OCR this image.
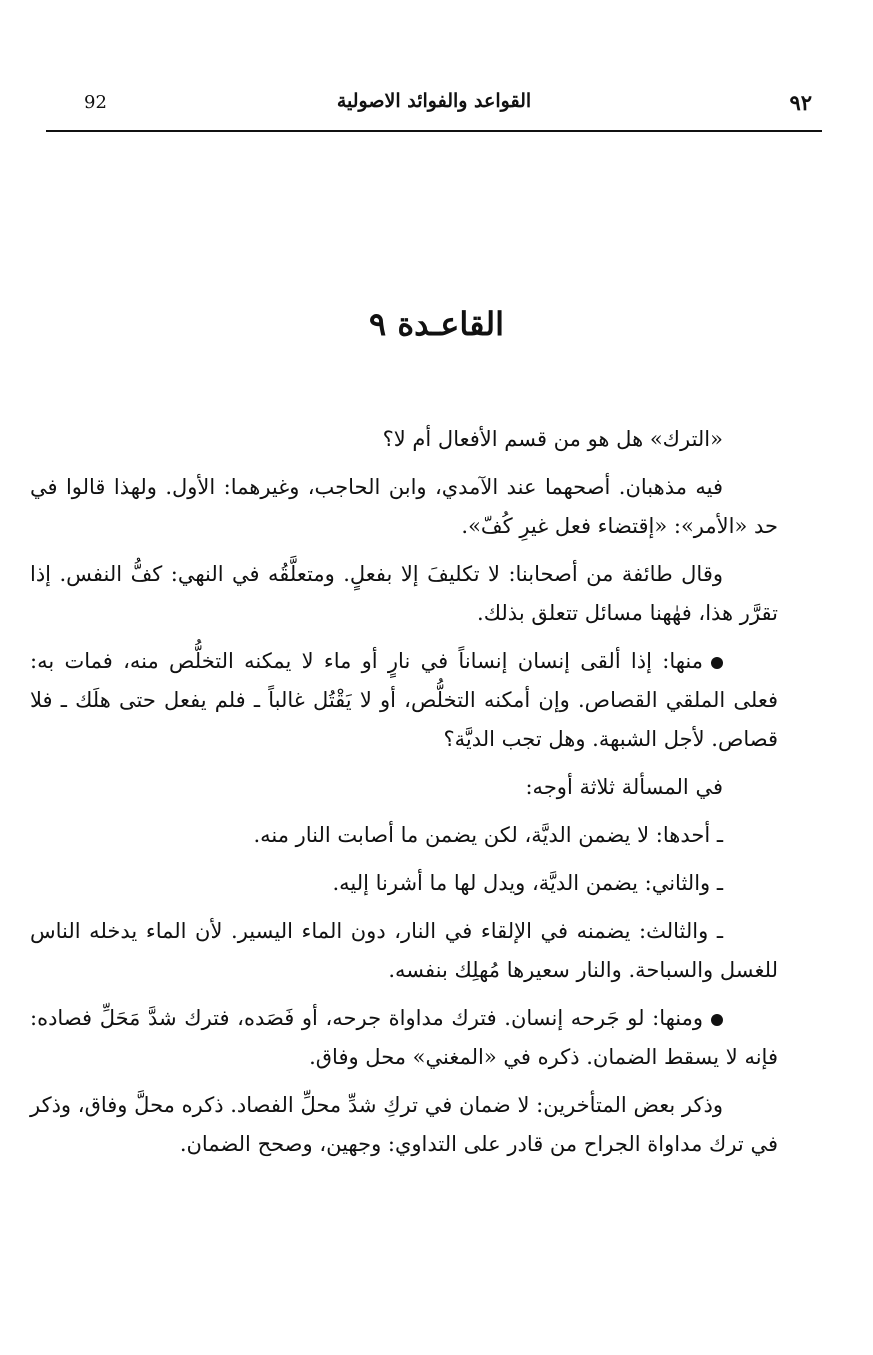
92	القواعد والفوائد الاصولية	٩٢
القاعـدة ٩

«الترك» هل هو من قسم الأفعال أم لا؟

فيه مذهبان. أصحهما عند الآمدي، وابن الحاجب، وغيرهما: الأول. ولهذا قالوا في حد «الأمر»: «إقتضاء فعل غيرِ كُفّ».

وقال طائفة من أصحابنا: لا تكليفَ إلا بفعلٍ. ومتعلَّقُه في النهي: كفُّ النفس. إذا تقرَّر هذا، فهٰهنا مسائل تتعلق بذلك.

منها: إذا ألقى إنسان إنساناً في نارٍ أو ماء لا يمكنه التخلُّص منه، فمات به: فعلى الملقي القصاص. وإن أمكنه التخلُّص، أو لا يَقْتُل غالباً ـ فلم يفعل حتى هلَك ـ فلا قصاص. لأجل الشبهة. وهل تجب الديَّة؟

في المسألة ثلاثة أوجه:

ـ أحدها: لا يضمن الديَّة، لكن يضمن ما أصابت النار منه.

ـ والثاني: يضمن الديَّة، ويدل لها ما أشرنا إليه.

ـ والثالث: يضمنه في الإلقاء في النار، دون الماء اليسير. لأن الماء يدخله الناس للغسل والسباحة. والنار سعيرها مُهلِك بنفسه.

ومنها: لو جَرحه إنسان. فترك مداواة جرحه، أو فَصَده، فترك شدَّ مَحَلِّ فصاده: فإنه لا يسقط الضمان. ذكره في «المغني» محل وفاق.

وذكر بعض المتأخرين: لا ضمان في تركِ شدِّ محلِّ الفصاد. ذكره محلَّ وفاق، وذكر في ترك مداواة الجراح من قادر على التداوي: وجهين، وصحح الضمان.
